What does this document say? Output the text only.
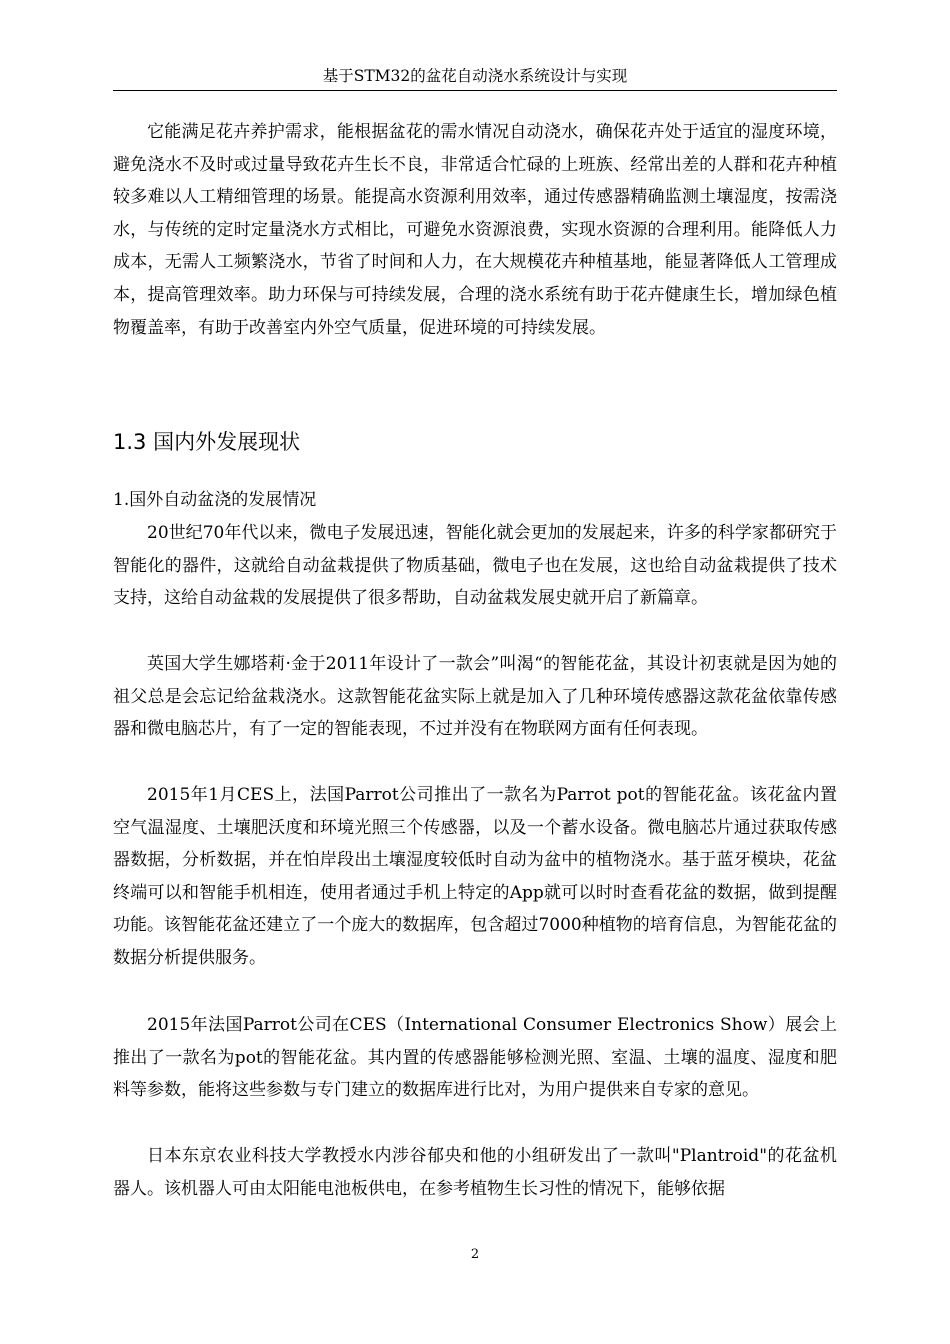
基于STM32的盆花自动浇水系统设计与实现

它能满足花卉养护需求，能根据盆花的需水情况自动浇水，确保花卉处于适宜的湿度环境，避免浇水不及时或过量导致花卉生长不良，非常适合忙碌的上班族、经常出差的人群和花卉种植较多难以人工精细管理的场景。能提高水资源利用效率，通过传感器精确监测土壤湿度，按需浇水，与传统的定时定量浇水方式相比，可避免水资源浪费，实现水资源的合理利用。能降低人力成本，无需人工频繁浇水，节省了时间和人力，在大规模花卉种植基地，能显著降低人工管理成本，提高管理效率。助力环保与可持续发展，合理的浇水系统有助于花卉健康生长，增加绿色植物覆盖率，有助于改善室内外空气质量，促进环境的可持续发展。

1.3 国内外发展现状

1.国外自动盆浇的发展情况

20世纪70年代以来，微电子发展迅速，智能化就会更加的发展起来，许多的科学家都研究于智能化的器件，这就给自动盆栽提供了物质基础，微电子也在发展，这也给自动盆栽提供了技术支持，这给自动盆栽的发展提供了很多帮助，自动盆栽发展史就开启了新篇章。

英国大学生娜塔莉·金于2011年设计了一款会”叫渴“的智能花盆，其设计初衷就是因为她的祖父总是会忘记给盆栽浇水。这款智能花盆实际上就是加入了几种环境传感器这款花盆依靠传感器和微电脑芯片，有了一定的智能表现，不过并没有在物联网方面有任何表现。

2015年1月CES上，法国Parrot公司推出了一款名为Parrot pot的智能花盆。该花盆内置空气温湿度、土壤肥沃度和环境光照三个传感器，以及一个蓄水设备。微电脑芯片通过获取传感器数据，分析数据，并在怕岸段出土壤湿度较低时自动为盆中的植物浇水。基于蓝牙模块，花盆终端可以和智能手机相连，使用者通过手机上特定的App就可以时时查看花盆的数据，做到提醒功能。该智能花盆还建立了一个庞大的数据库，包含超过7000种植物的培育信息，为智能花盆的数据分析提供服务。

2015年法国Parrot公司在CES（International Consumer Electronics Show）展会上推出了一款名为pot的智能花盆。其内置的传感器能够检测光照、室温、土壤的温度、湿度和肥料等参数，能将这些参数与专门建立的数据库进行比对，为用户提供来自专家的意见。

日本东京农业科技大学教授水内涉谷郁央和他的小组研发出了一款叫"Plantroid"的花盆机器人。该机器人可由太阳能电池板供电，在参考植物生长习性的情况下，能够依据

2
